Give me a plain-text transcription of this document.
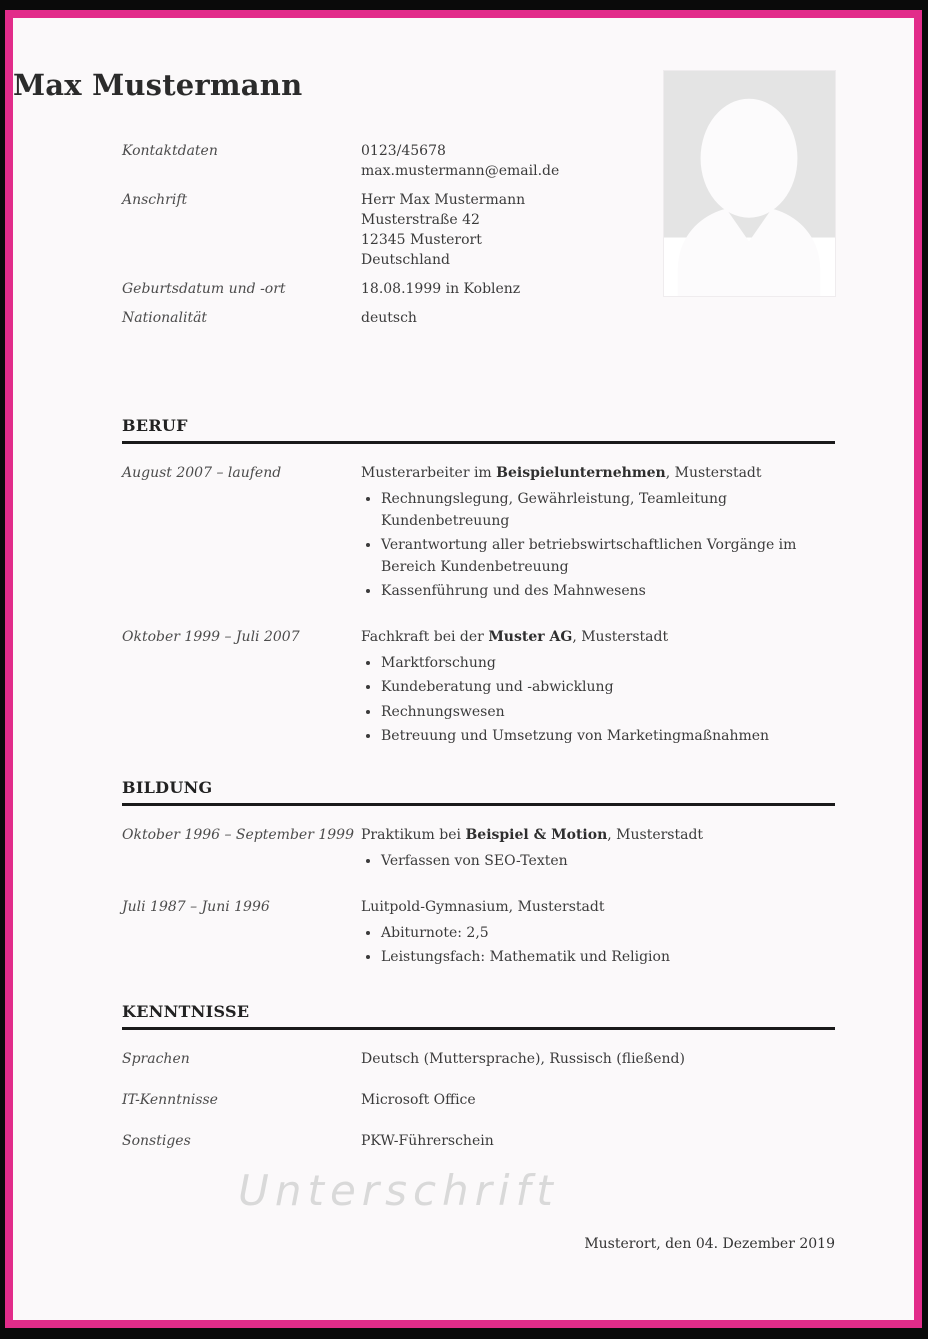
Max Mustermann
Kontaktdaten	0123/45678
max.mustermann@email.de
Anschrift	Herr Max Mustermann
Musterstraße 42
12345 Musterort
Deutschland
Geburtsdatum und -ort	18.08.1999 in Koblenz
Nationalität	deutsch
BERUF
August 2007 – laufend	Musterarbeiter im Beispielunternehmen, Musterstadt
• Rechnungslegung, Gewährleistung, Teamleitung Kundenbetreuung
• Verantwortung aller betriebswirtschaftlichen Vorgänge im Bereich Kundenbetreuung
• Kassenführung und des Mahnwesens
Oktober 1999 – Juli 2007	Fachkraft bei der Muster AG, Musterstadt
• Marktforschung
• Kundeberatung und -abwicklung
• Rechnungswesen
• Betreuung und Umsetzung von Marketingmaßnahmen
BILDUNG
Oktober 1996 – September 1999 Praktikum bei Beispiel & Motion, Musterstadt
• Verfassen von SEO-Texten
Juli 1987 – Juni 1996	Luitpold-Gymnasium, Musterstadt
• Abiturnote: 2,5
• Leistungsfach: Mathematik und Religion
KENNTNISSE
Sprachen	Deutsch (Muttersprache), Russisch (fließend)
IT-Kenntnisse	Microsoft Office
Sonstiges	PKW-Führerschein
Unterschrift
Musterort, den 04. Dezember 2019
